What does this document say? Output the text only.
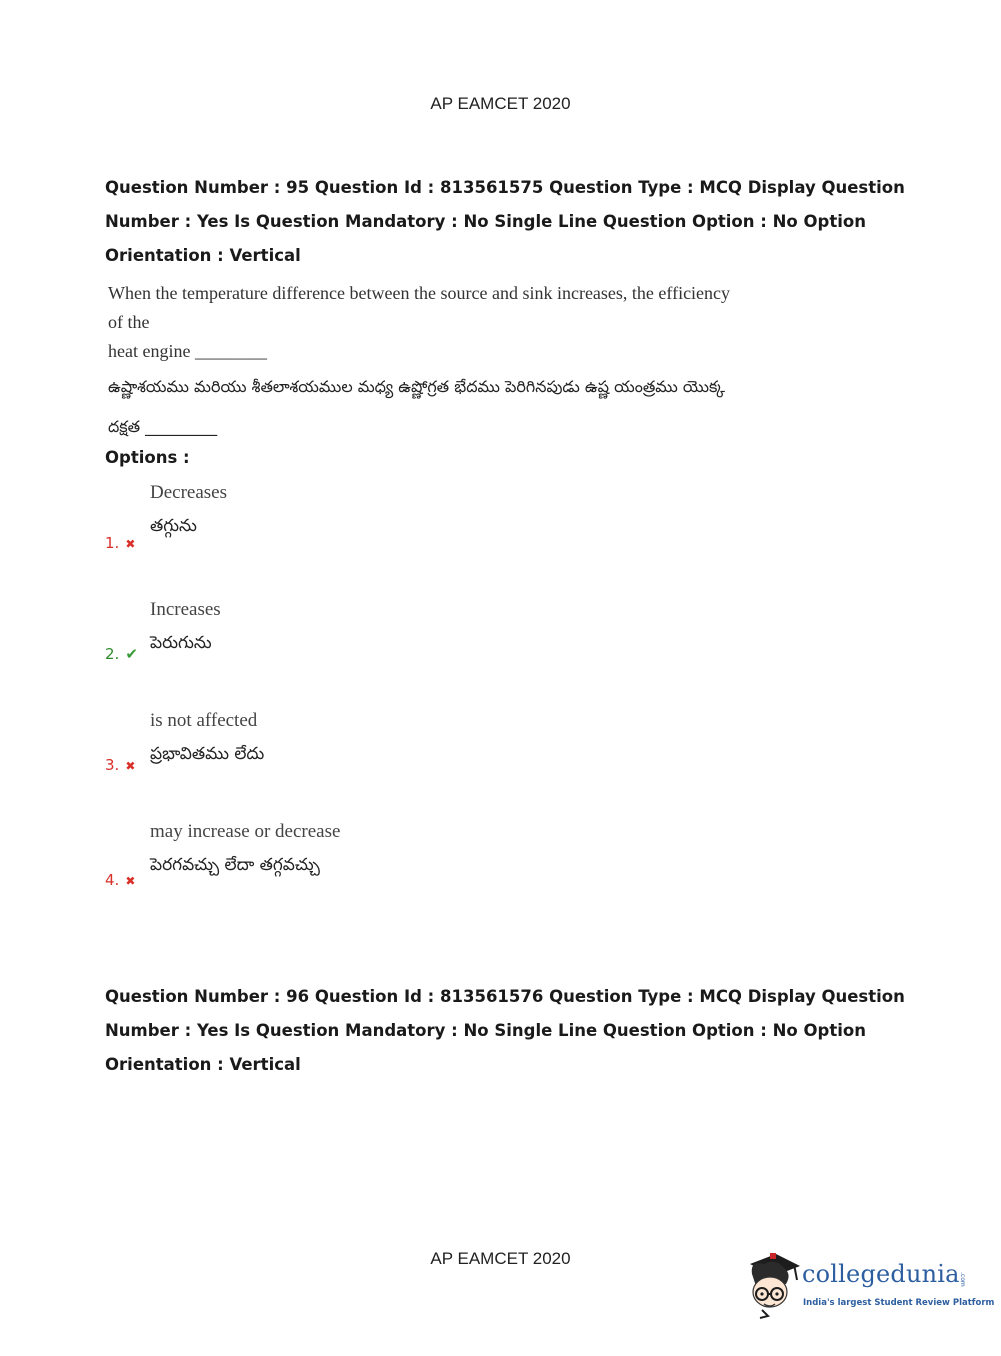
AP EAMCET 2020
Question Number : 95 Question Id : 813561575 Question Type : MCQ Display Question
Number : Yes Is Question Mandatory : No Single Line Question Option : No Option
Orientation : Vertical
When the temperature difference between the source and sink increases, the efficiency of the
heat engine ________
ఉష్ణాశయము మరియు శీతలాశయముల మధ్య ఉష్ణోగ్రత భేదము పెరిగినపుడు ఉష్ణ యంత్రము యొక్క
దక్షత _________
Options :
Decreases
తగ్గును
1. ✖
Increases
పెరుగును
2. ✔
is not affected
ప్రభావితము లేదు
3. ✖
may increase or decrease
పెరగవచ్చు లేదా తగ్గవచ్చు
4. ✖
Question Number : 96 Question Id : 813561576 Question Type : MCQ Display Question
Number : Yes Is Question Mandatory : No Single Line Question Option : No Option
Orientation : Vertical
AP EAMCET 2020
collegedunia .com
India's largest Student Review Platform
